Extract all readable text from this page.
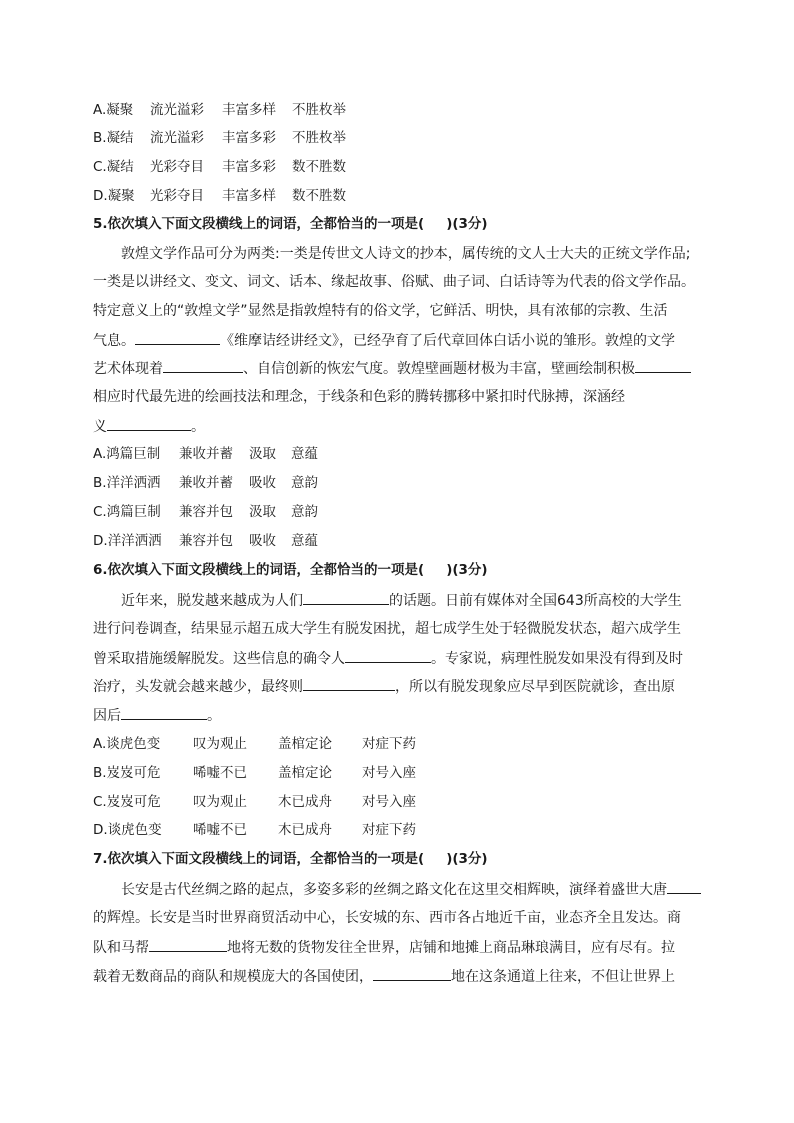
A.凝聚 流光溢彩 丰富多样 不胜枚举
B.凝结 流光溢彩 丰富多彩 不胜枚举
C.凝结 光彩夺目 丰富多彩 数不胜数
D.凝聚 光彩夺目 丰富多样 数不胜数
5.依次填入下面文段横线上的词语，全都恰当的一项是( )(3分)
敦煌文学作品可分为两类:一类是传世文人诗文的抄本，属传统的文人士大夫的正统文学作品;
一类是以讲经文、变文、词文、话本、缘起故事、俗赋、曲子词、白话诗等为代表的俗文学作品。
特定意义上的“敦煌文学”显然是指敦煌特有的俗文学，它鲜活、明快，具有浓郁的宗教、生活
气息。	《维摩诘经讲经文》，已经孕育了后代章回体白话小说的雏形。敦煌的文学
艺术体现着	、自信创新的恢宏气度。敦煌壁画题材极为丰富，壁画绘制积极
相应时代最先进的绘画技法和理念，于线条和色彩的腾转挪移中紧扣时代脉搏，深涵经
义	。
A.鸿篇巨制 兼收并蓄 汲取 意蕴
B.洋洋洒洒 兼收并蓄 吸收 意韵
C.鸿篇巨制 兼容并包 汲取 意韵
D.洋洋洒洒 兼容并包 吸收 意蕴
6.依次填入下面文段横线上的词语，全都恰当的一项是( )(3分)
近年来，脱发越来越成为人们	的话题。日前有媒体对全国643所高校的大学生
进行问卷调查，结果显示超五成大学生有脱发困扰，超七成学生处于轻微脱发状态，超六成学生
曾采取措施缓解脱发。这些信息的确令人	。专家说，病理性脱发如果没有得到及时
治疗，头发就会越来越少，最终则	，所以有脱发现象应尽早到医院就诊，查出原
因后	。
A.谈虎色变 叹为观止 盖棺定论 对症下药
B.岌岌可危 唏嘘不已 盖棺定论 对号入座
C.岌岌可危 叹为观止 木已成舟 对号入座
D.谈虎色变 唏嘘不已 木已成舟 对症下药
7.依次填入下面文段横线上的词语，全都恰当的一项是( )(3分)
长安是古代丝绸之路的起点，多姿多彩的丝绸之路文化在这里交相辉映，演绎着盛世大唐
的辉煌。长安是当时世界商贸活动中心，长安城的东、西市各占地近千亩，业态齐全且发达。商
队和马帮	地将无数的货物发往全世界，店铺和地摊上商品琳琅满目，应有尽有。拉
载着无数商品的商队和规模庞大的各国使团，	地在这条通道上往来，不但让世界上
